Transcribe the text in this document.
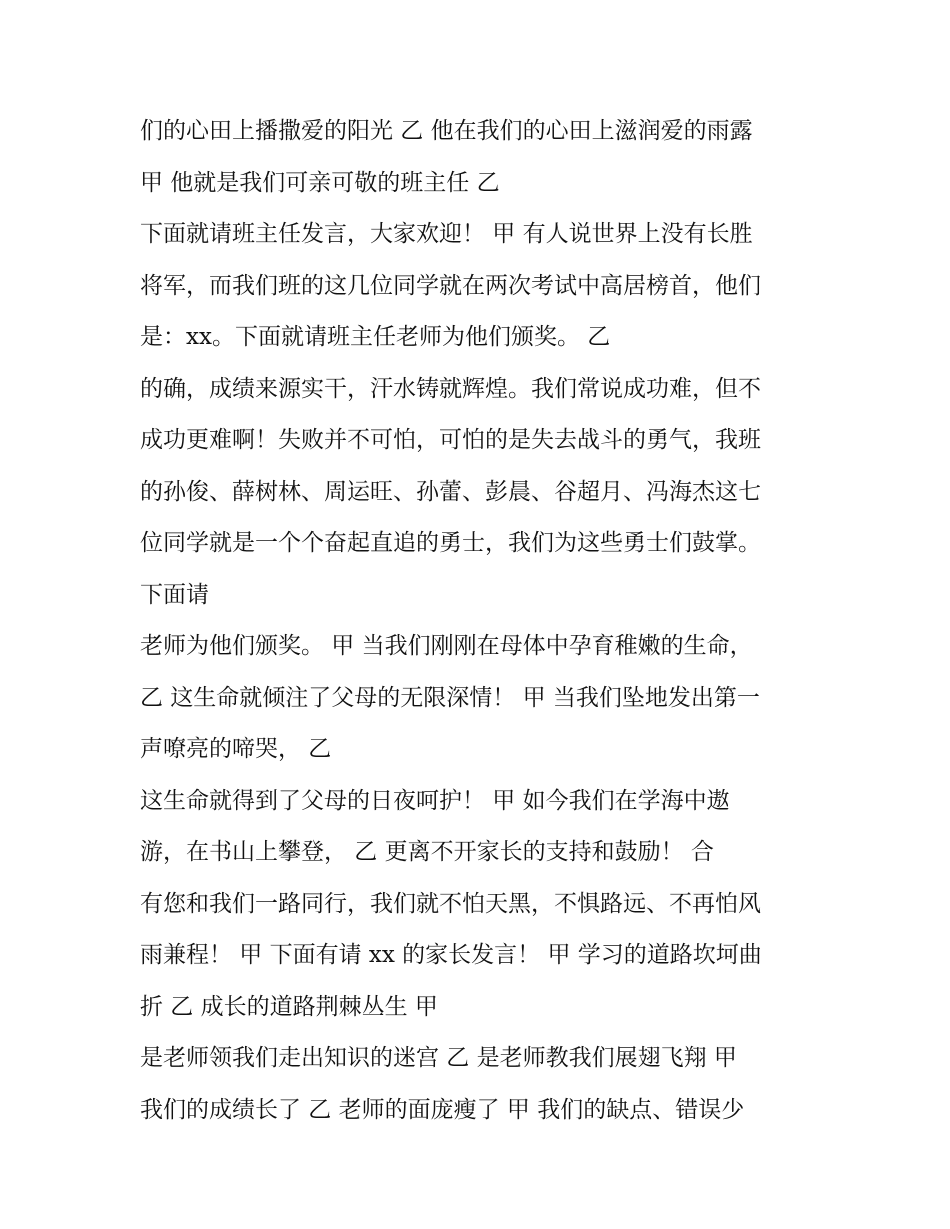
们的心田上播撒爱的阳光 乙 他在我们的心田上滋润爱的雨露
甲 他就是我们可亲可敬的班主任 乙
下面就请班主任发言，大家欢迎！ 甲 有人说世界上没有长胜
将军，而我们班的这几位同学就在两次考试中高居榜首，他们
是：xx。下面就请班主任老师为他们颁奖。 乙
的确，成绩来源实干，汗水铸就辉煌。我们常说成功难，但不
成功更难啊！失败并不可怕，可怕的是失去战斗的勇气，我班
的孙俊、薛树林、周运旺、孙蕾、彭晨、谷超月、冯海杰这七
位同学就是一个个奋起直追的勇士，我们为这些勇士们鼓掌。
下面请
老师为他们颁奖。 甲 当我们刚刚在母体中孕育稚嫩的生命，
乙 这生命就倾注了父母的无限深情！ 甲 当我们坠地发出第一
声嘹亮的啼哭， 乙
这生命就得到了父母的日夜呵护！ 甲 如今我们在学海中遨
游，在书山上攀登， 乙 更离不开家长的支持和鼓励！ 合
有您和我们一路同行，我们就不怕天黑，不惧路远、不再怕风
雨兼程！ 甲 下面有请 xx 的家长发言！ 甲 学习的道路坎坷曲
折 乙 成长的道路荆棘丛生 甲
是老师领我们走出知识的迷宫 乙 是老师教我们展翅飞翔 甲
我们的成绩长了 乙 老师的面庞瘦了 甲 我们的缺点、错误少
